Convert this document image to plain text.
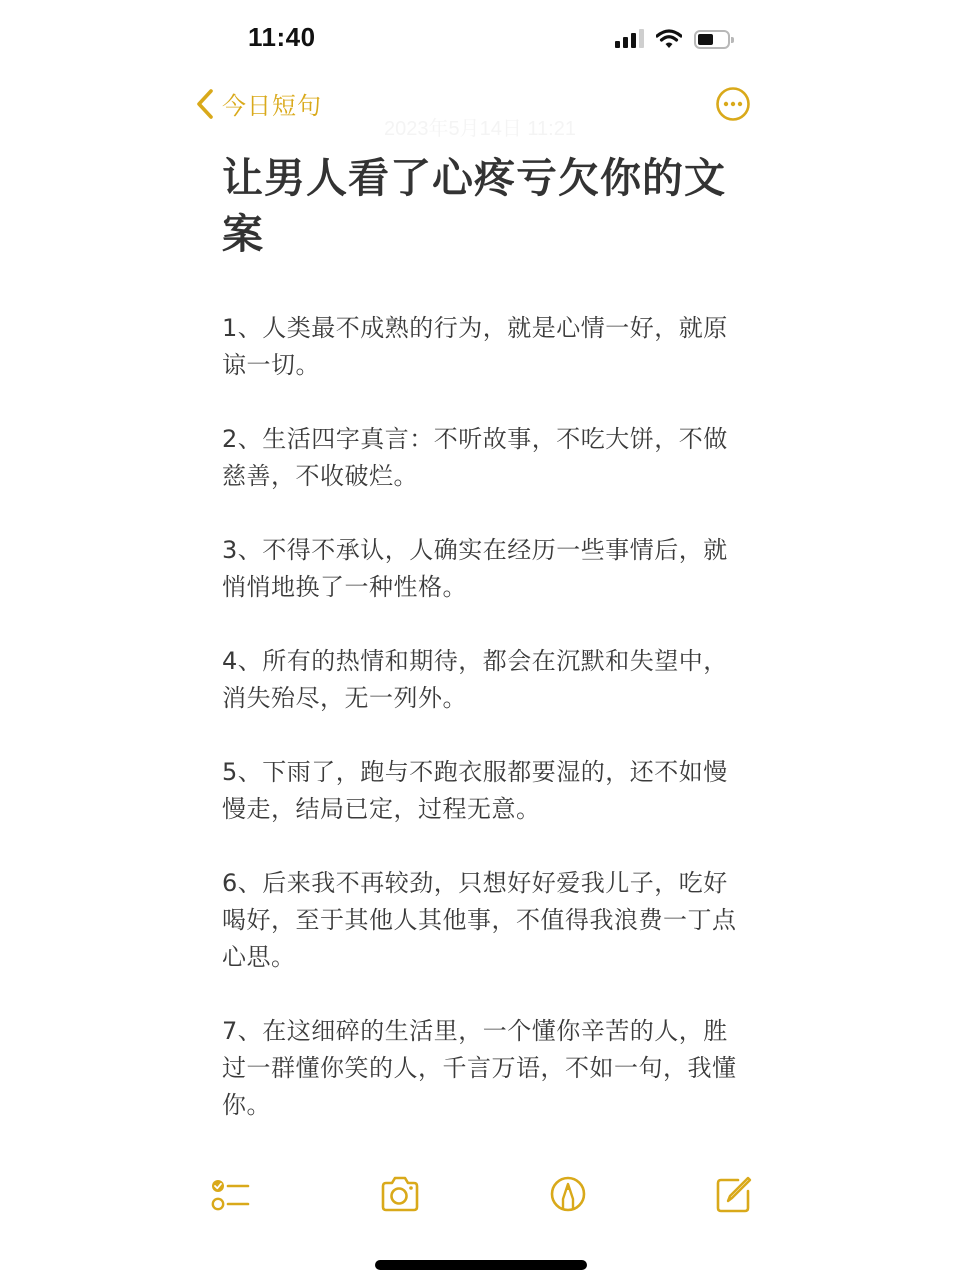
11:40
今日短句
2023年5月14日 11:21
让男人看了心疼亏欠你的文案

1、人类最不成熟的行为，就是心情一好，就原谅一切。

2、生活四字真言：不听故事，不吃大饼，不做慈善，不收破烂。

3、不得不承认，人确实在经历一些事情后，就悄悄地换了一种性格。

4、所有的热情和期待，都会在沉默和失望中，消失殆尽，无一列外。

5、下雨了，跑与不跑衣服都要湿的，还不如慢慢走，结局已定，过程无意。

6、后来我不再较劲，只想好好爱我儿子，吃好喝好，至于其他人其他事，不值得我浪费一丁点心思。

7、在这细碎的生活里，一个懂你辛苦的人，胜过一群懂你笑的人，千言万语，不如一句，我懂你。
